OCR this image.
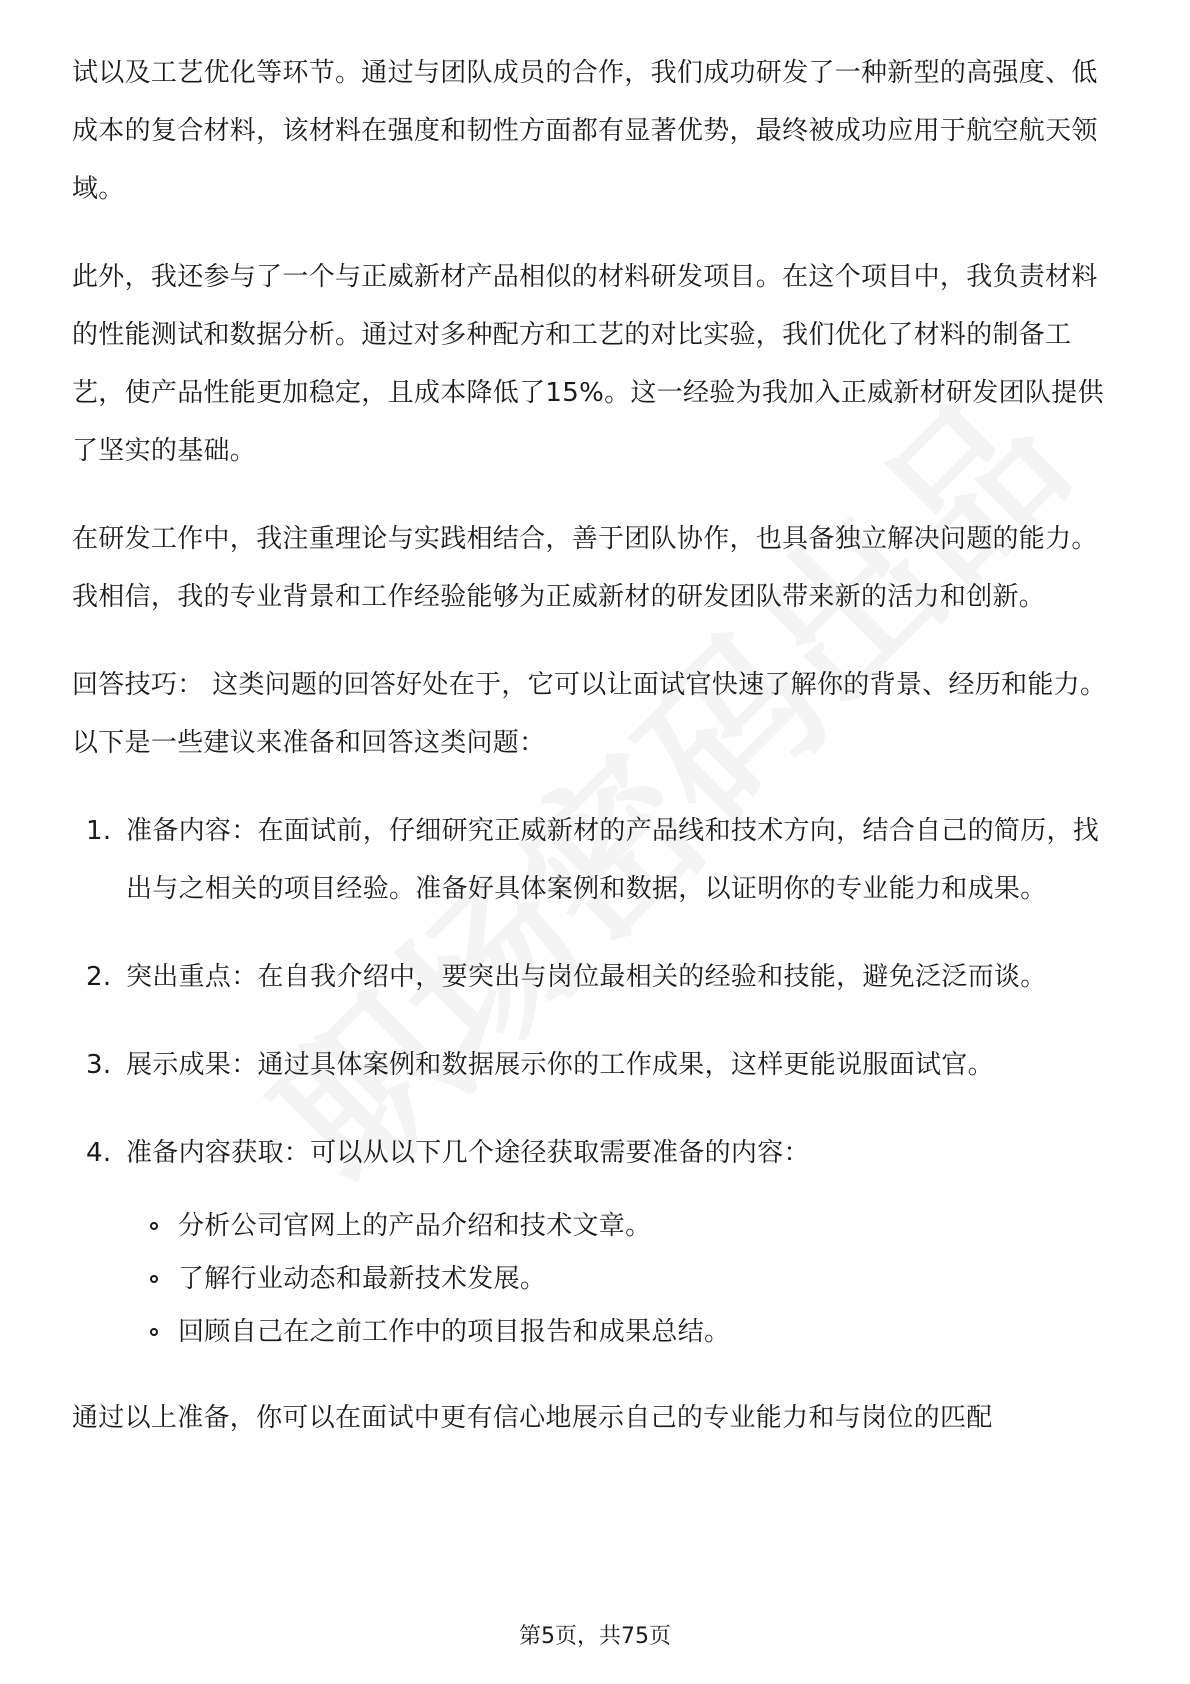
试以及工艺优化等环节。通过与团队成员的合作，我们成功研发了一种新型的高强度、低成本的复合材料，该材料在强度和韧性方面都有显著优势，最终被成功应用于航空航天领域。

此外，我还参与了一个与正威新材产品相似的材料研发项目。在这个项目中，我负责材料的性能测试和数据分析。通过对多种配方和工艺的对比实验，我们优化了材料的制备工艺，使产品性能更加稳定，且成本降低了15%。这一经验为我加入正威新材研发团队提供了坚实的基础。

在研发工作中，我注重理论与实践相结合，善于团队协作，也具备独立解决问题的能力。我相信，我的专业背景和工作经验能够为正威新材的研发团队带来新的活力和创新。

回答技巧： 这类问题的回答好处在于，它可以让面试官快速了解你的背景、经历和能力。以下是一些建议来准备和回答这类问题：

1. 准备内容：在面试前，仔细研究正威新材的产品线和技术方向，结合自己的简历，找出与之相关的项目经验。准备好具体案例和数据，以证明你的专业能力和成果。
2. 突出重点：在自我介绍中，要突出与岗位最相关的经验和技能，避免泛泛而谈。
3. 展示成果：通过具体案例和数据展示你的工作成果，这样更能说服面试官。
4. 准备内容获取：可以从以下几个途径获取需要准备的内容：
分析公司官网上的产品介绍和技术文章。
了解行业动态和最新技术发展。
回顾自己在之前工作中的项目报告和成果总结。

通过以上准备，你可以在面试中更有信心地展示自己的专业能力和与岗位的匹配

第5页，共75页
